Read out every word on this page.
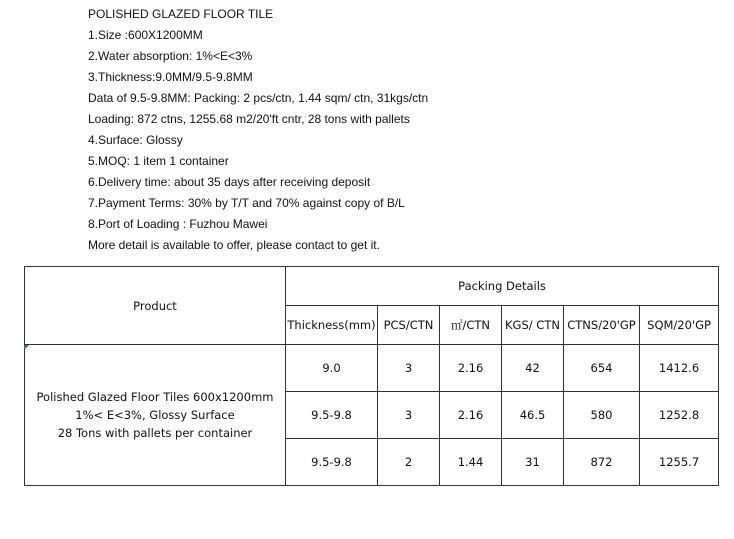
POLISHED GLAZED FLOOR TILE
1.Size :600X1200MM
2.Water absorption: 1%<E<3%
3.Thickness:9.0MM/9.5-9.8MM
Data of 9.5-9.8MM: Packing: 2 pcs/ctn, 1.44 sqm/ ctn, 31kgs/ctn
Loading: 872 ctns, 1255.68 m2/20'ft cntr, 28 tons with pallets
4.Surface: Glossy
5.MOQ: 1 item 1 container
6.Delivery time: about 35 days after receiving deposit
7.Payment Terms: 30% by T/T and 70% against copy of B/L
8.Port of Loading : Fuzhou Mawei
More detail is available to offer, please contact to get it.
Product	Packing Details					
	Thickness(mm)	PCS/CTN	㎡/CTN	KGS/ CTN	CTNS/20'GP	SQM/20'GP

Polished Glazed Floor Tiles 600x1200mm
1%< E<3%, Glossy Surface
28 Tons with pallets per container	9.0	3	2.16	42	654	1412.6
	9.5-9.8	3	2.16	46.5	580	1252.8
	9.5-9.8	2	1.44	31	872	1255.7
